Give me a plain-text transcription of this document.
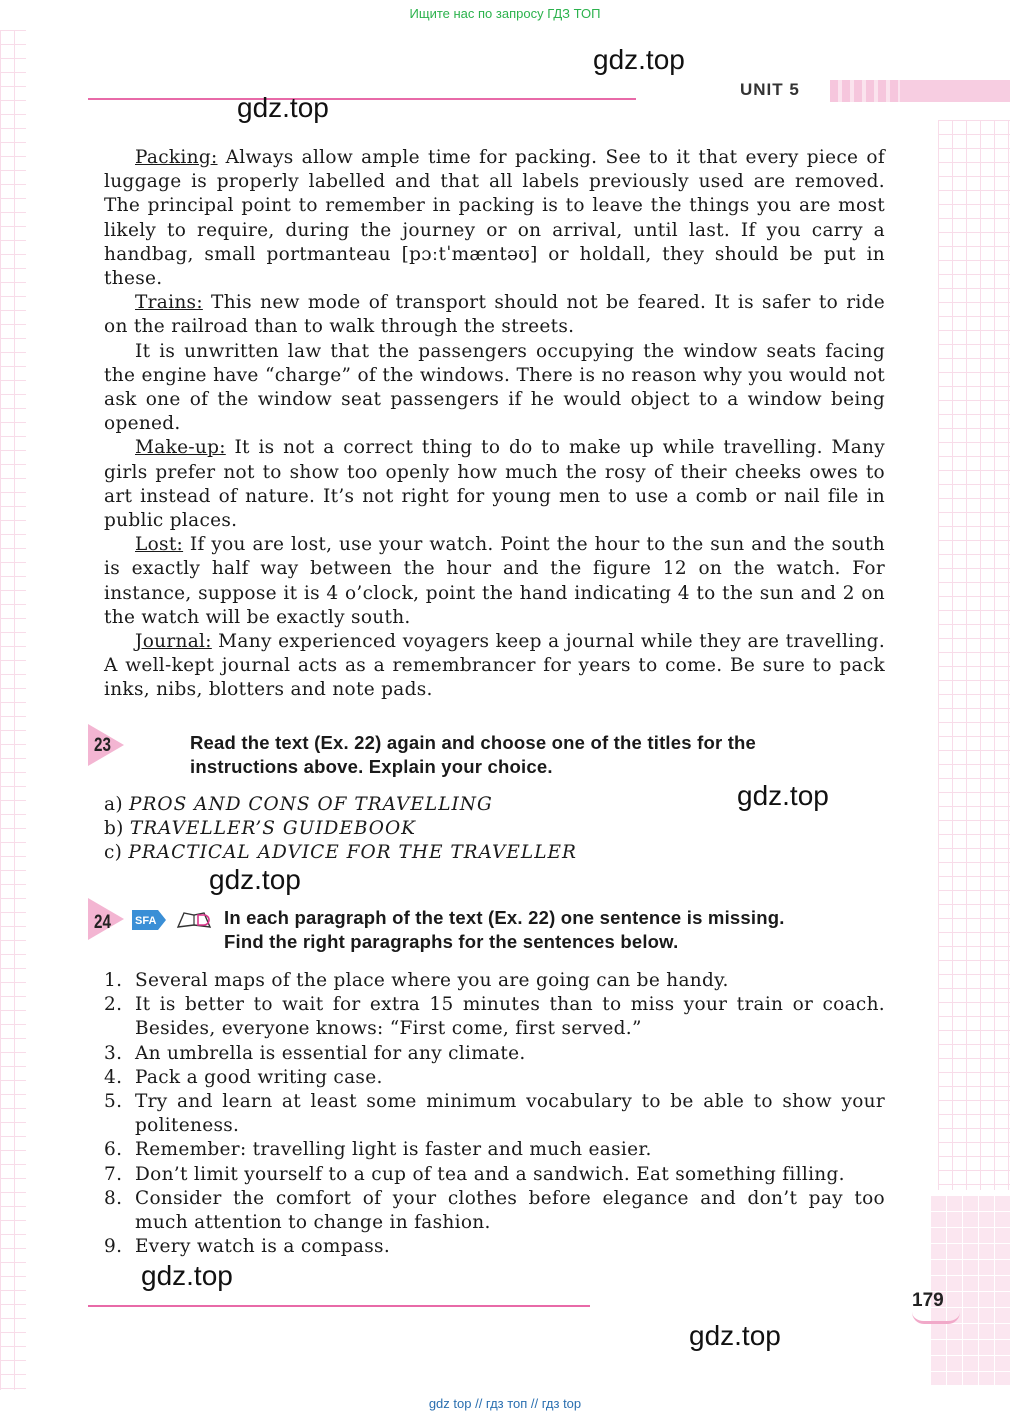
Ищите нас по запросу ГДЗ ТОП
UNIT 5
gdz.top
gdz.top
gdz.top
gdz.top
gdz.top
gdz.top

Packing: Always allow ample time for packing. See to it that every piece of luggage is properly labelled and that all labels previously used are removed. The principal point to remember in packing is to leave the things you are most likely to require, during the journey or on arrival, until last. If you carry a handbag, small portmanteau [pɔːtˈmæntəʊ] or holdall, they should be put in these.

Trains: This new mode of transport should not be feared. It is safer to ride on the railroad than to walk through the streets.

It is unwritten law that the passengers occupying the window seats facing the engine have “charge” of the windows. There is no reason why you would not ask one of the window seat passengers if he would object to a window being opened.

Make-up: It is not a correct thing to do to make up while travelling. Many girls prefer not to show too openly how much the rosy of their cheeks owes to art instead of nature. It’s not right for young men to use a comb or nail file in public places.

Lost: If you are lost, use your watch. Point the hour to the sun and the south is exactly half way between the hour and the figure 12 on the watch. For instance, suppose it is 4 o’clock, point the hand indicating 4 to the sun and 2 on the watch will be exactly south.

Journal: Many experienced voyagers keep a journal while they are travelling. A well-kept journal acts as a remembrancer for years to come. Be sure to pack inks, nibs, blotters and note pads.

23	Read the text (Ex. 22) again and choose one of the titles for the
instructions above. Explain your choice.
a) PROS AND CONS OF TRAVELLING
b) TRAVELLER’S GUIDEBOOK
c) PRACTICAL ADVICE FOR THE TRAVELLER
24 SFA	In each paragraph of the text (Ex. 22) one sentence is missing.
Find the right paragraphs for the sentences below.
1. Several maps of the place where you are going can be handy.
2. It is better to wait for extra 15 minutes than to miss your train or coach. Besides, everyone knows: “First come, first served.”
3. An umbrella is essential for any climate.
4. Pack a good writing case.
5. Try and learn at least some minimum vocabulary to be able to show your politeness.
6. Remember: travelling light is faster and much easier.
7. Don’t limit yourself to a cup of tea and a sandwich. Eat something filling.
8. Consider the comfort of your clothes before elegance and don’t pay too much attention to change in fashion.
9. Every watch is a compass.
179
gdz top // гдз топ // гдз top
